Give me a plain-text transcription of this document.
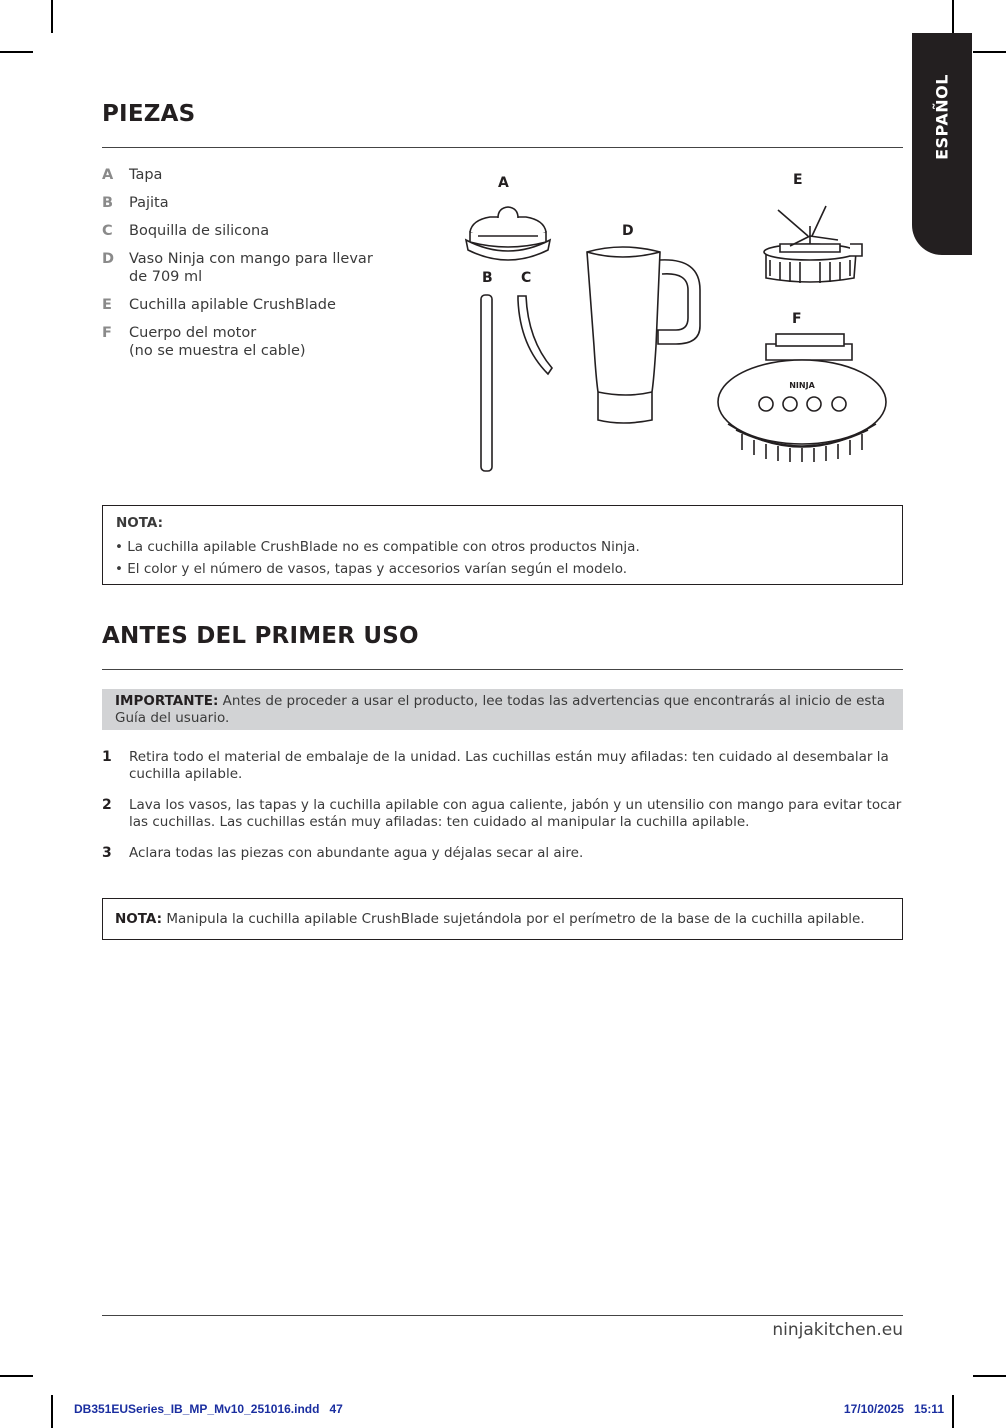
ESPAÑOL
PIEZAS
A	Tapa
B	Pajita
C	Boquilla de silicona
D	Vaso Ninja con mango para llevar de 709 ml
E	Cuchilla apilable CrushBlade
F	Cuerpo del motor
(no se muestra el cable)
A
B C
D
E
F
NINJA

NOTA:

• La cuchilla apilable CrushBlade no es compatible con otros productos Ninja.

• El color y el número de vasos, tapas y accesorios varían según el modelo.

ANTES DEL PRIMER USO
IMPORTANTE: Antes de proceder a usar el producto, lee todas las advertencias que encontrarás al inicio de esta Guía del usuario.
1	Retira todo el material de embalaje de la unidad. Las cuchillas están muy afiladas: ten cuidado al desembalar la cuchilla apilable.
2	Lava los vasos, las tapas y la cuchilla apilable con agua caliente, jabón y un utensilio con mango para evitar tocar las cuchillas. Las cuchillas están muy afiladas: ten cuidado al manipular la cuchilla apilable.
3	Aclara todas las piezas con abundante agua y déjalas secar al aire.

NOTA: Manipula la cuchilla apilable CrushBlade sujetándola por el perímetro de la base de la cuchilla apilable.

ninjakitchen.eu
DB351EUSeries_IB_MP_Mv10_251016.indd   47	17/10/2025   15:11
